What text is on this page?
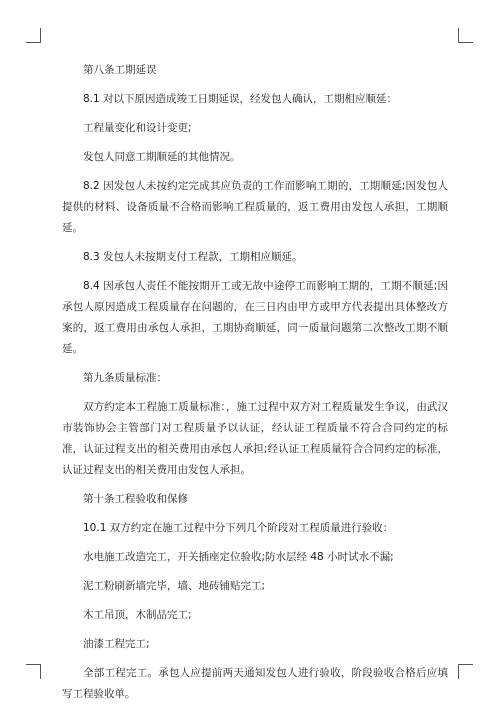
第八条工期延误

8.1 对以下原因造成竣工日期延误，经发包人确认，工期相应顺延：

工程量变化和设计变更;

发包人同意工期顺延的其他情况。

8.2 因发包人未按约定完成其应负责的工作而影响工期的，工期顺延;因发包人提供的材料、设备质量不合格而影响工程质量的，返工费用由发包人承担，工期顺延。

8.3 发包人未按期支付工程款，工期相应顺延。

8.4 因承包人责任不能按期开工或无故中途停工而影响工期的，工期不顺延;因承包人原因造成工程质量存在问题的，在三日内由甲方或甲方代表提出具体整改方案的，返工费用由承包人承担，工期协商顺延，同一质量问题第二次整改工期不顺延。

第九条质量标准：

双方约定本工程施工质量标准：，施工过程中双方对工程质量发生争议，由武汉市装饰协会主管部门对工程质量予以认证，经认证工程质量不符合合同约定的标准，认证过程支出的相关费用由承包人承担;经认证工程质量符合合同约定的标准，认证过程支出的相关费用由发包人承担。

第十条工程验收和保修

10.1 双方约定在施工过程中分下列几个阶段对工程质量进行验收：

水电施工改造完工，开关插座定位验收;防水层经 48 小时试水不漏;

泥工粉刷新墙完毕，墙、地砖铺贴完工;

木工吊顶，木制品完工;

油漆工程完工;

全部工程完工。承包人应提前两天通知发包人进行验收，阶段验收合格后应填写工程验收单。
